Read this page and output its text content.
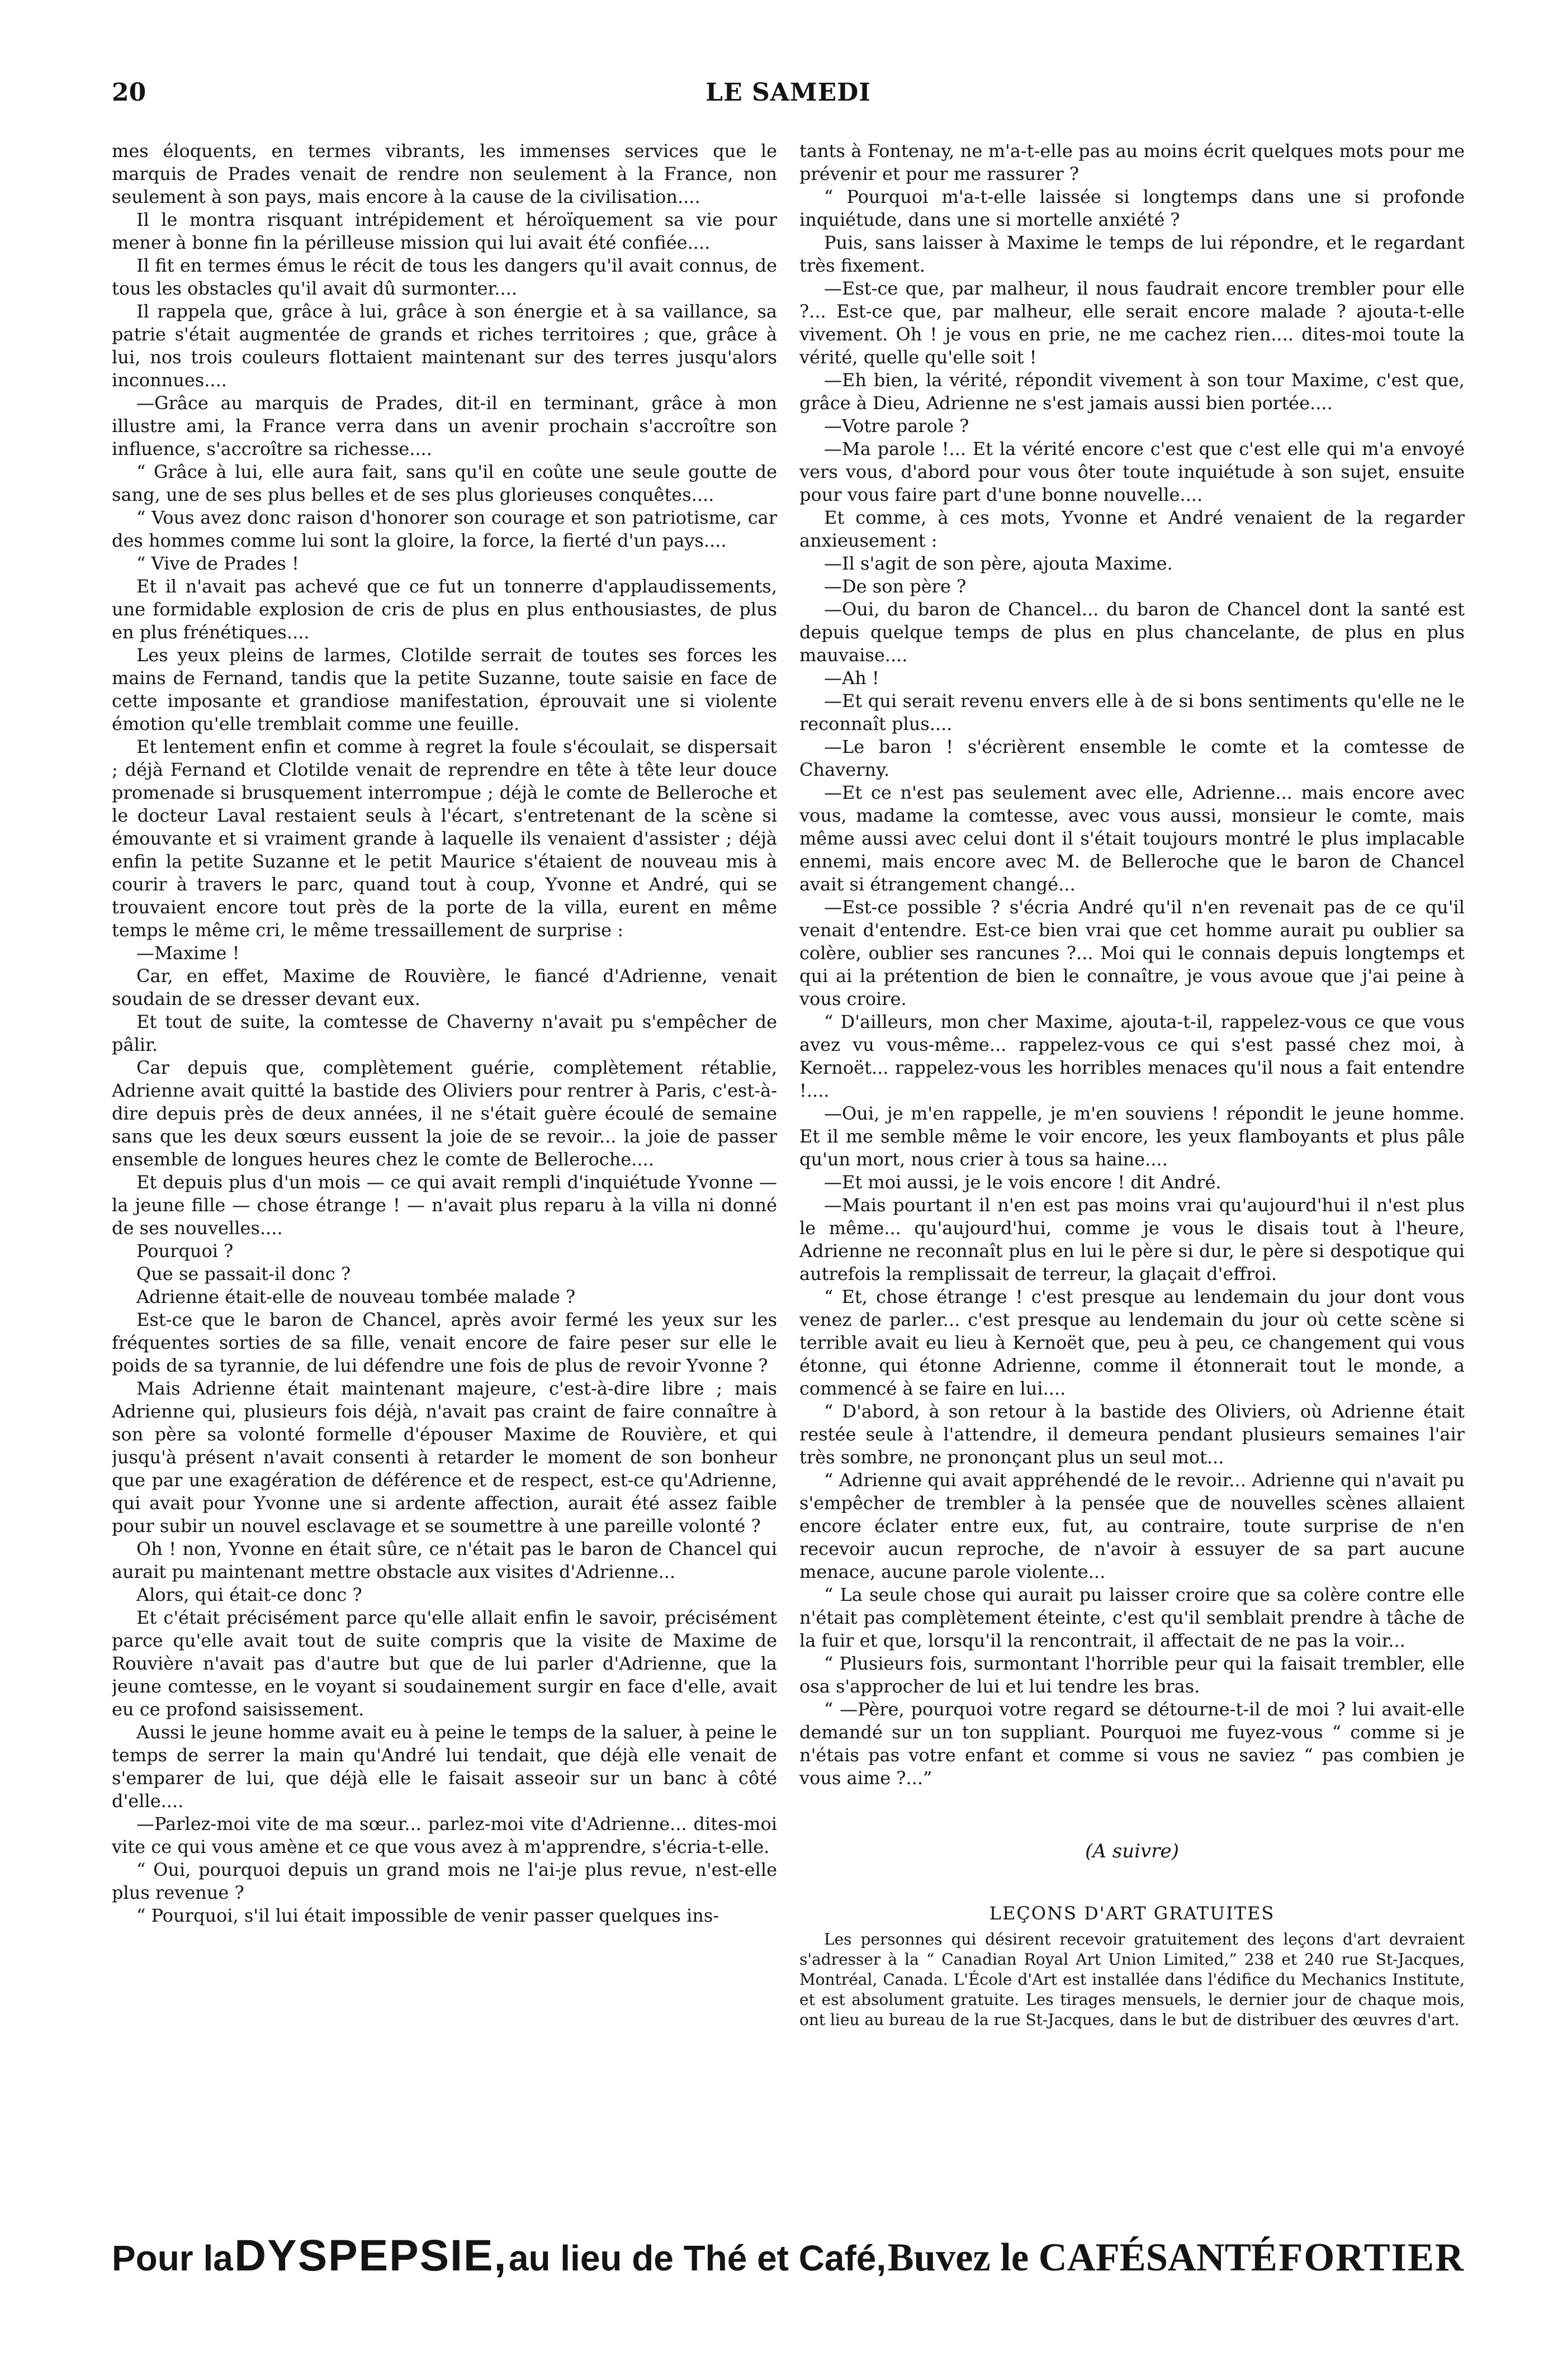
20	LE SAMEDI

mes éloquents, en termes vibrants, les immenses services que le marquis de Prades venait de rendre non seulement à la France, non seulement à son pays, mais encore à la cause de la civilisation....

Il le montra risquant intrépidement et héroïquement sa vie pour mener à bonne fin la périlleuse mission qui lui avait été confiée....

Il fit en termes émus le récit de tous les dangers qu'il avait connus, de tous les obstacles qu'il avait dû surmonter....

Il rappela que, grâce à lui, grâce à son énergie et à sa vaillance, sa patrie s'était augmentée de grands et riches territoires ; que, grâce à lui, nos trois couleurs flottaient maintenant sur des terres jusqu'alors inconnues....

—Grâce au marquis de Prades, dit-il en terminant, grâce à mon illustre ami, la France verra dans un avenir prochain s'accroître son influence, s'accroître sa richesse....

“ Grâce à lui, elle aura fait, sans qu'il en coûte une seule goutte de sang, une de ses plus belles et de ses plus glorieuses conquêtes....

“ Vous avez donc raison d'honorer son courage et son patriotisme, car des hommes comme lui sont la gloire, la force, la fierté d'un pays....

“ Vive de Prades !

Et il n'avait pas achevé que ce fut un tonnerre d'applaudissements, une formidable explosion de cris de plus en plus enthousiastes, de plus en plus frénétiques....

Les yeux pleins de larmes, Clotilde serrait de toutes ses forces les mains de Fernand, tandis que la petite Suzanne, toute saisie en face de cette imposante et grandiose manifestation, éprouvait une si violente émotion qu'elle tremblait comme une feuille.

Et lentement enfin et comme à regret la foule s'écoulait, se dispersait ; déjà Fernand et Clotilde venait de reprendre en tête à tête leur douce promenade si brusquement interrompue ; déjà le comte de Belleroche et le docteur Laval restaient seuls à l'écart, s'entretenant de la scène si émouvante et si vraiment grande à laquelle ils venaient d'assister ; déjà enfin la petite Suzanne et le petit Maurice s'étaient de nouveau mis à courir à travers le parc, quand tout à coup, Yvonne et André, qui se trouvaient encore tout près de la porte de la villa, eurent en même temps le même cri, le même tressaillement de surprise :

—Maxime !

Car, en effet, Maxime de Rouvière, le fiancé d'Adrienne, venait soudain de se dresser devant eux.

Et tout de suite, la comtesse de Chaverny n'avait pu s'empêcher de pâlir.

Car depuis que, complètement guérie, complètement rétablie, Adrienne avait quitté la bastide des Oliviers pour rentrer à Paris, c'est-à-dire depuis près de deux années, il ne s'était guère écoulé de semaine sans que les deux sœurs eussent la joie de se revoir... la joie de passer ensemble de longues heures chez le comte de Belleroche....

Et depuis plus d'un mois — ce qui avait rempli d'inquiétude Yvonne — la jeune fille — chose étrange ! — n'avait plus reparu à la villa ni donné de ses nouvelles....

Pourquoi ?

Que se passait-il donc ?

Adrienne était-elle de nouveau tombée malade ?

Est-ce que le baron de Chancel, après avoir fermé les yeux sur les fréquentes sorties de sa fille, venait encore de faire peser sur elle le poids de sa tyrannie, de lui défendre une fois de plus de revoir Yvonne ?

Mais Adrienne était maintenant majeure, c'est-à-dire libre ; mais Adrienne qui, plusieurs fois déjà, n'avait pas craint de faire connaître à son père sa volonté formelle d'épouser Maxime de Rouvière, et qui jusqu'à présent n'avait consenti à retarder le moment de son bonheur que par une exagération de déférence et de respect, est-ce qu'Adrienne, qui avait pour Yvonne une si ardente affection, aurait été assez faible pour subir un nouvel esclavage et se soumettre à une pareille volonté ?

Oh ! non, Yvonne en était sûre, ce n'était pas le baron de Chancel qui aurait pu maintenant mettre obstacle aux visites d'Adrienne...

Alors, qui était-ce donc ?

Et c'était précisément parce qu'elle allait enfin le savoir, précisément parce qu'elle avait tout de suite compris que la visite de Maxime de Rouvière n'avait pas d'autre but que de lui parler d'Adrienne, que la jeune comtesse, en le voyant si soudainement surgir en face d'elle, avait eu ce profond saisissement.

Aussi le jeune homme avait eu à peine le temps de la saluer, à peine le temps de serrer la main qu'André lui tendait, que déjà elle venait de s'emparer de lui, que déjà elle le faisait asseoir sur un banc à côté d'elle....

—Parlez-moi vite de ma sœur... parlez-moi vite d'Adrienne... dites-moi vite ce qui vous amène et ce que vous avez à m'apprendre, s'écria-t-elle.

“ Oui, pourquoi depuis un grand mois ne l'ai-je plus revue, n'est-elle plus revenue ?

“ Pourquoi, s'il lui était impossible de venir passer quelques ins-

tants à Fontenay, ne m'a-t-elle pas au moins écrit quelques mots pour me prévenir et pour me rassurer ?

“ Pourquoi m'a-t-elle laissée si longtemps dans une si profonde inquiétude, dans une si mortelle anxiété ?

Puis, sans laisser à Maxime le temps de lui répondre, et le regardant très fixement.

—Est-ce que, par malheur, il nous faudrait encore trembler pour elle ?... Est-ce que, par malheur, elle serait encore malade ? ajouta-t-elle vivement. Oh ! je vous en prie, ne me cachez rien.... dites-moi toute la vérité, quelle qu'elle soit !

—Eh bien, la vérité, répondit vivement à son tour Maxime, c'est que, grâce à Dieu, Adrienne ne s'est jamais aussi bien portée....

—Votre parole ?

—Ma parole !... Et la vérité encore c'est que c'est elle qui m'a envoyé vers vous, d'abord pour vous ôter toute inquiétude à son sujet, ensuite pour vous faire part d'une bonne nouvelle....

Et comme, à ces mots, Yvonne et André venaient de la regarder anxieusement :

—Il s'agit de son père, ajouta Maxime.

—De son père ?

—Oui, du baron de Chancel... du baron de Chancel dont la santé est depuis quelque temps de plus en plus chancelante, de plus en plus mauvaise....

—Ah !

—Et qui serait revenu envers elle à de si bons sentiments qu'elle ne le reconnaît plus....

—Le baron ! s'écrièrent ensemble le comte et la comtesse de Chaverny.

—Et ce n'est pas seulement avec elle, Adrienne... mais encore avec vous, madame la comtesse, avec vous aussi, monsieur le comte, mais même aussi avec celui dont il s'était toujours montré le plus implacable ennemi, mais encore avec M. de Belleroche que le baron de Chancel avait si étrangement changé...

—Est-ce possible ? s'écria André qu'il n'en revenait pas de ce qu'il venait d'entendre. Est-ce bien vrai que cet homme aurait pu oublier sa colère, oublier ses rancunes ?... Moi qui le connais depuis longtemps et qui ai la prétention de bien le connaître, je vous avoue que j'ai peine à vous croire.

“ D'ailleurs, mon cher Maxime, ajouta-t-il, rappelez-vous ce que vous avez vu vous-même... rappelez-vous ce qui s'est passé chez moi, à Kernoët... rappelez-vous les horribles menaces qu'il nous a fait entendre !....

—Oui, je m'en rappelle, je m'en souviens ! répondit le jeune homme. Et il me semble même le voir encore, les yeux flamboyants et plus pâle qu'un mort, nous crier à tous sa haine....

—Et moi aussi, je le vois encore ! dit André.

—Mais pourtant il n'en est pas moins vrai qu'aujourd'hui il n'est plus le même... qu'aujourd'hui, comme je vous le disais tout à l'heure, Adrienne ne reconnaît plus en lui le père si dur, le père si despotique qui autrefois la remplissait de terreur, la glaçait d'effroi.

“ Et, chose étrange ! c'est presque au lendemain du jour dont vous venez de parler... c'est presque au lendemain du jour où cette scène si terrible avait eu lieu à Kernoët que, peu à peu, ce changement qui vous étonne, qui étonne Adrienne, comme il étonnerait tout le monde, a commencé à se faire en lui....

“ D'abord, à son retour à la bastide des Oliviers, où Adrienne était restée seule à l'attendre, il demeura pendant plusieurs semaines l'air très sombre, ne prononçant plus un seul mot...

“ Adrienne qui avait appréhendé de le revoir... Adrienne qui n'avait pu s'empêcher de trembler à la pensée que de nouvelles scènes allaient encore éclater entre eux, fut, au contraire, toute surprise de n'en recevoir aucun reproche, de n'avoir à essuyer de sa part aucune menace, aucune parole violente...

“ La seule chose qui aurait pu laisser croire que sa colère contre elle n'était pas complètement éteinte, c'est qu'il semblait prendre à tâche de la fuir et que, lorsqu'il la rencontrait, il affectait de ne pas la voir...

“ Plusieurs fois, surmontant l'horrible peur qui la faisait trembler, elle osa s'approcher de lui et lui tendre les bras.

“ —Père, pourquoi votre regard se détourne-t-il de moi ? lui avait-elle demandé sur un ton suppliant. Pourquoi me fuyez-vous “ comme si je n'étais pas votre enfant et comme si vous ne saviez “ pas combien je vous aime ?...”

(A suivre)
LEÇONS D'ART GRATUITES

Les personnes qui désirent recevoir gratuitement des leçons d'art devraient s'adresser à la “ Canadian Royal Art Union Limited,” 238 et 240 rue St-Jacques, Montréal, Canada. L'École d'Art est installée dans l'édifice du Mechanics Institute, et est absolument gratuite. Les tirages mensuels, le dernier jour de chaque mois, ont lieu au bureau de la rue St-Jacques, dans le but de distribuer des œuvres d'art.

Pour la DYSPEPSIE, au lieu de Thé et Café, Buvez le CAFÉSANTÉ FORTIER
